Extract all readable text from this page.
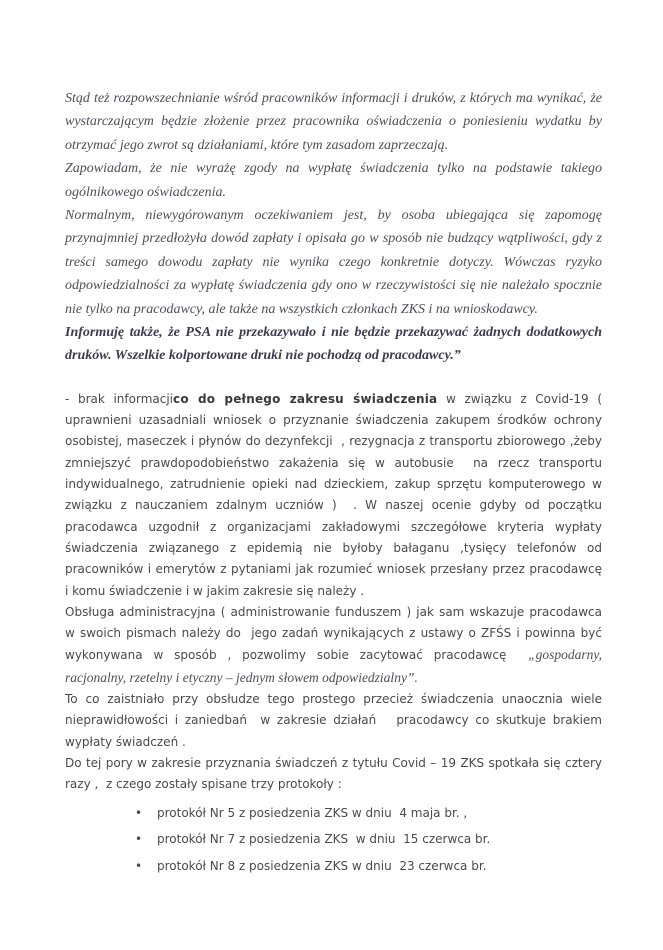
Stąd też rozpowszechnianie wśród pracowników informacji i druków, z których ma wynikać, że wystarczającym będzie złożenie przez pracownika oświadczenia o poniesieniu wydatku by otrzymać jego zwrot są działaniami, które tym zasadom zaprzeczają.

Zapowiadam, że nie wyrażę zgody na wypłatę świadczenia tylko na podstawie takiego ogólnikowego oświadczenia.

Normalnym, niewygórowanym oczekiwaniem jest, by osoba ubiegająca się zapomogę przynajmniej przedłożyła dowód zapłaty i opisała go w sposób nie budzący wątpliwości, gdy z treści samego dowodu zapłaty nie wynika czego konkretnie dotyczy. Wówczas ryzyko odpowiedzialności za wypłatę świadczenia gdy ono w rzeczywistości się nie należało spocznie nie tylko na pracodawcy, ale także na wszystkich członkach ZKS i na wnioskodawcy.

Informuję także, że PSA nie przekazywało i nie będzie przekazywać żadnych dodatkowych druków. Wszelkie kolportowane druki nie pochodzą od pracodawcy.”

- brak informacjico do pełnego zakresu świadczenia w związku z Covid-19 ( uprawnieni uzasadniali wniosek o przyznanie świadczenia zakupem środków ochrony osobistej, maseczek i płynów do dezynfekcji  , rezygnacja z transportu zbiorowego ,żeby zmniejszyć prawdopodobieństwo zakażenia się w autobusie  na rzecz transportu indywidualnego, zatrudnienie opieki nad dzieckiem, zakup sprzętu komputerowego w związku z nauczaniem zdalnym uczniów )  . W naszej ocenie gdyby od początku pracodawca uzgodnił z organizacjami zakładowymi szczegółowe kryteria wypłaty świadczenia związanego z epidemią nie byłoby bałaganu ,tysięcy telefonów od pracowników i emerytów z pytaniami jak rozumieć wniosek przesłany przez pracodawcę i komu świadczenie i w jakim zakresie się należy .

Obsługa administracyjna ( administrowanie funduszem ) jak sam wskazuje pracodawca w swoich pismach należy do  jego zadań wynikających z ustawy o ZFŚS i powinna być wykonywana w sposób , pozwolimy sobie zacytować pracodawcę  „gospodarny, racjonalny, rzetelny i etyczny – jednym słowem odpowiedzialny”.

To co zaistniało przy obsłudze tego prostego przecież świadczenia unaocznia wiele nieprawidłowości i zaniedbań  w zakresie działań   pracodawcy co skutkuje brakiem wypłaty świadczeń .

Do tej pory w zakresie przyznania świadczeń z tytułu Covid – 19 ZKS spotkała się cztery razy ,  z czego zostały spisane trzy protokoły :

•	protokół Nr 5 z posiedzenia ZKS w dniu  4 maja br. ,
•	protokół Nr 7 z posiedzenia ZKS  w dniu  15 czerwca br.
•	protokół Nr 8 z posiedzenia ZKS w dniu  23 czerwca br.
